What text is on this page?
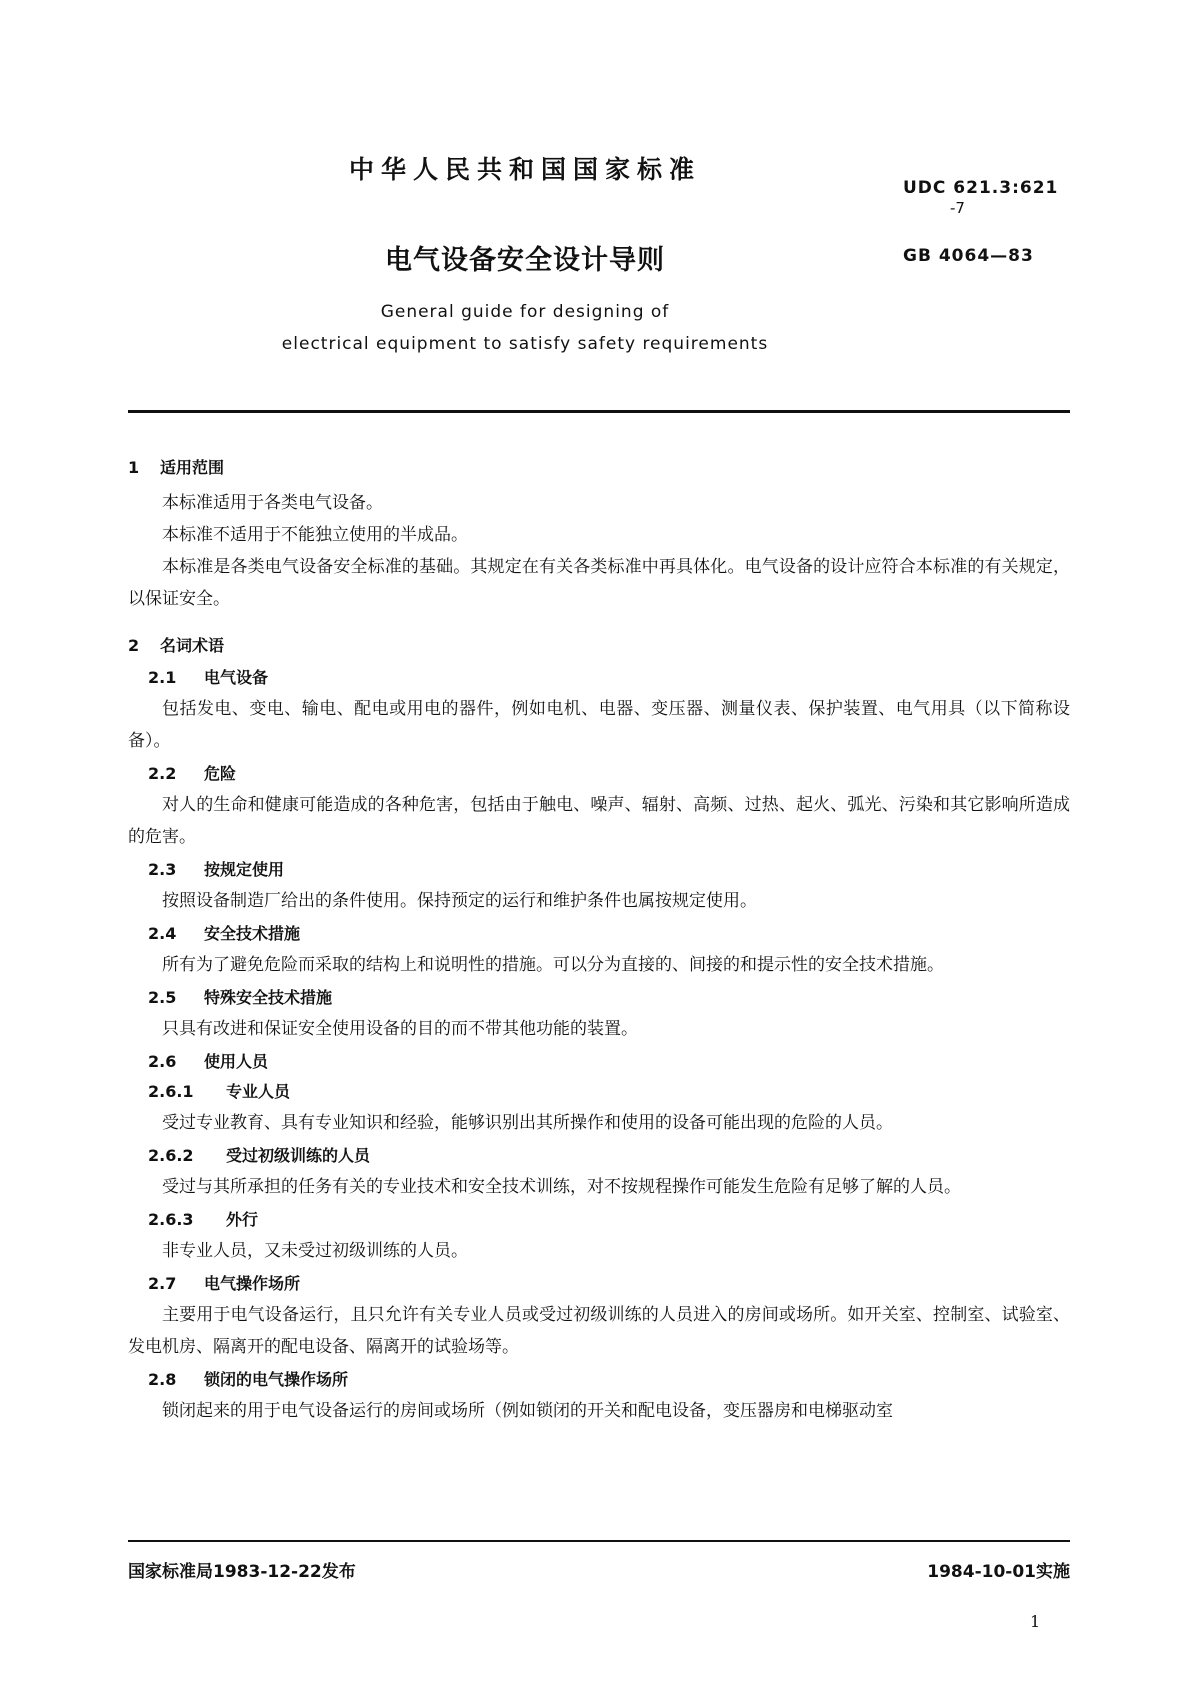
中华人民共和国国家标准
UDC 621.3:621
-7
电气设备安全设计导则	GB 4064—83
General guide for designing of
electrical equipment to satisfy safety requirements
1 适用范围

本标准适用于各类电气设备。

本标准不适用于不能独立使用的半成品。

本标准是各类电气设备安全标准的基础。其规定在有关各类标准中再具体化。电气设备的设计应符合本标准的有关规定，以保证安全。

2 名词术语
2.1 电气设备

包括发电、变电、输电、配电或用电的器件，例如电机、电器、变压器、测量仪表、保护装置、电气用具（以下简称设备）。

2.2 危险

对人的生命和健康可能造成的各种危害，包括由于触电、噪声、辐射、高频、过热、起火、弧光、污染和其它影响所造成的危害。

2.3 按规定使用

按照设备制造厂给出的条件使用。保持预定的运行和维护条件也属按规定使用。

2.4 安全技术措施

所有为了避免危险而采取的结构上和说明性的措施。可以分为直接的、间接的和提示性的安全技术措施。

2.5 特殊安全技术措施

只具有改进和保证安全使用设备的目的而不带其他功能的装置。

2.6 使用人员
2.6.1 专业人员

受过专业教育、具有专业知识和经验，能够识别出其所操作和使用的设备可能出现的危险的人员。

2.6.2 受过初级训练的人员

受过与其所承担的任务有关的专业技术和安全技术训练，对不按规程操作可能发生危险有足够了解的人员。

2.6.3 外行

非专业人员，又未受过初级训练的人员。

2.7 电气操作场所

主要用于电气设备运行，且只允许有关专业人员或受过初级训练的人员进入的房间或场所。如开关室、控制室、试验室、发电机房、隔离开的配电设备、隔离开的试验场等。

2.8 锁闭的电气操作场所

锁闭起来的用于电气设备运行的房间或场所（例如锁闭的开关和配电设备，变压器房和电梯驱动室

国家标准局1983-12-22发布	1984-10-01实施
1
